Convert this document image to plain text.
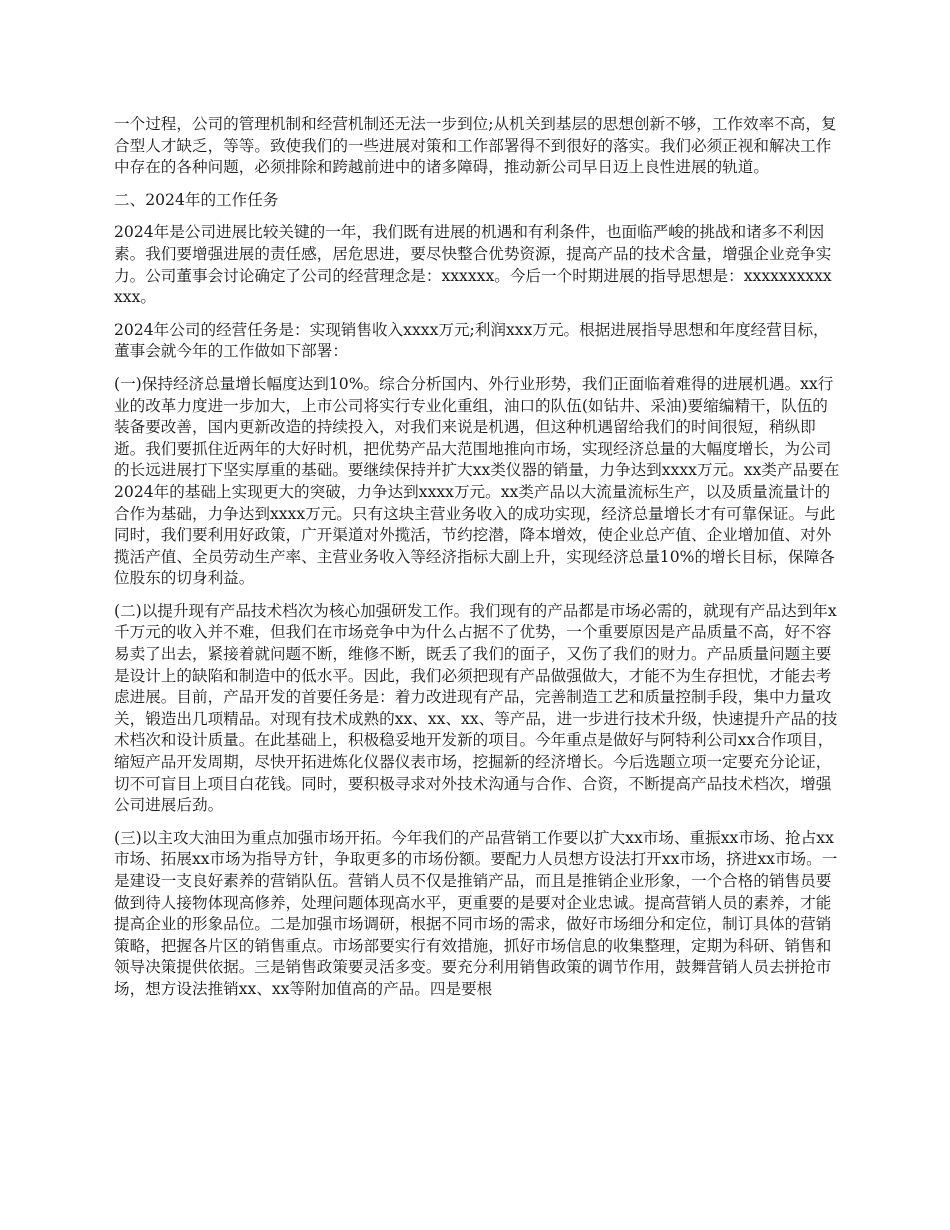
一个过程，公司的管理机制和经营机制还无法一步到位;从机关到基层的思想创新不够，工作效率不高，复合型人才缺乏，等等。致使我们的一些进展对策和工作部署得不到很好的落实。我们必须正视和解决工作中存在的各种问题，必须排除和跨越前进中的诸多障碍，推动新公司早日迈上良性进展的轨道。

二、2024年的工作任务

2024年是公司进展比较关键的一年，我们既有进展的机遇和有利条件，也面临严峻的挑战和诸多不利因素。我们要增强进展的责任感，居危思进，要尽快整合优势资源，提高产品的技术含量，增强企业竞争实力。公司董事会讨论确定了公司的经营理念是：xxxxxx。今后一个时期进展的指导思想是：xxxxxxxxxxxxx。

2024年公司的经营任务是：实现销售收入xxxx万元;利润xxx万元。根据进展指导思想和年度经营目标，董事会就今年的工作做如下部署：

(一)保持经济总量增长幅度达到10%。综合分析国内、外行业形势，我们正面临着难得的进展机遇。xx行业的改革力度进一步加大，上市公司将实行专业化重组，油口的队伍(如钻井、采油)要缩编精干，队伍的装备要改善，国内更新改造的持续投入，对我们来说是机遇，但这种机遇留给我们的时间很短，稍纵即逝。我们要抓住近两年的大好时机，把优势产品大范围地推向市场，实现经济总量的大幅度增长，为公司的长远进展打下坚实厚重的基础。要继续保持并扩大xx类仪器的销量，力争达到xxxx万元。xx类产品要在2024年的基础上实现更大的突破，力争达到xxxx万元。xx类产品以大流量流标生产，以及质量流量计的合作为基础，力争达到xxxx万元。只有这块主营业务收入的成功实现，经济总量增长才有可靠保证。与此同时，我们要利用好政策，广开渠道对外揽活，节约挖潜，降本增效，使企业总产值、企业增加值、对外揽活产值、全员劳动生产率、主营业务收入等经济指标大副上升，实现经济总量10%的增长目标，保障各位股东的切身利益。

(二)以提升现有产品技术档次为核心加强研发工作。我们现有的产品都是市场必需的，就现有产品达到年x千万元的收入并不难，但我们在市场竞争中为什么占据不了优势，一个重要原因是产品质量不高，好不容易卖了出去，紧接着就问题不断，维修不断，既丢了我们的面子，又伤了我们的财力。产品质量问题主要是设计上的缺陷和制造中的低水平。因此，我们必须把现有产品做强做大，才能不为生存担忧，才能去考虑进展。目前，产品开发的首要任务是：着力改进现有产品，完善制造工艺和质量控制手段，集中力量攻关，锻造出几项精品。对现有技术成熟的xx、xx、xx、等产品，进一步进行技术升级，快速提升产品的技术档次和设计质量。在此基础上，积极稳妥地开发新的项目。今年重点是做好与阿特利公司xx合作项目，缩短产品开发周期，尽快开拓进炼化仪器仪表市场，挖掘新的经济增长。今后选题立项一定要充分论证，切不可盲目上项目白花钱。同时，要积极寻求对外技术沟通与合作、合资，不断提高产品技术档次，增强公司进展后劲。

(三)以主攻大油田为重点加强市场开拓。今年我们的产品营销工作要以扩大xx市场、重振xx市场、抢占xx市场、拓展xx市场为指导方针，争取更多的市场份额。要配力人员想方设法打开xx市场，挤进xx市场。一是建设一支良好素养的营销队伍。营销人员不仅是推销产品，而且是推销企业形象，一个合格的销售员要做到待人接物体现高修养，处理问题体现高水平，更重要的是要对企业忠诚。提高营销人员的素养，才能提高企业的形象品位。二是加强市场调研，根据不同市场的需求，做好市场细分和定位，制订具体的营销策略，把握各片区的销售重点。市场部要实行有效措施，抓好市场信息的收集整理，定期为科研、销售和领导决策提供依据。三是销售政策要灵活多变。要充分利用销售政策的调节作用，鼓舞营销人员去拼抢市场，想方设法推销xx、xx等附加值高的产品。四是要根
